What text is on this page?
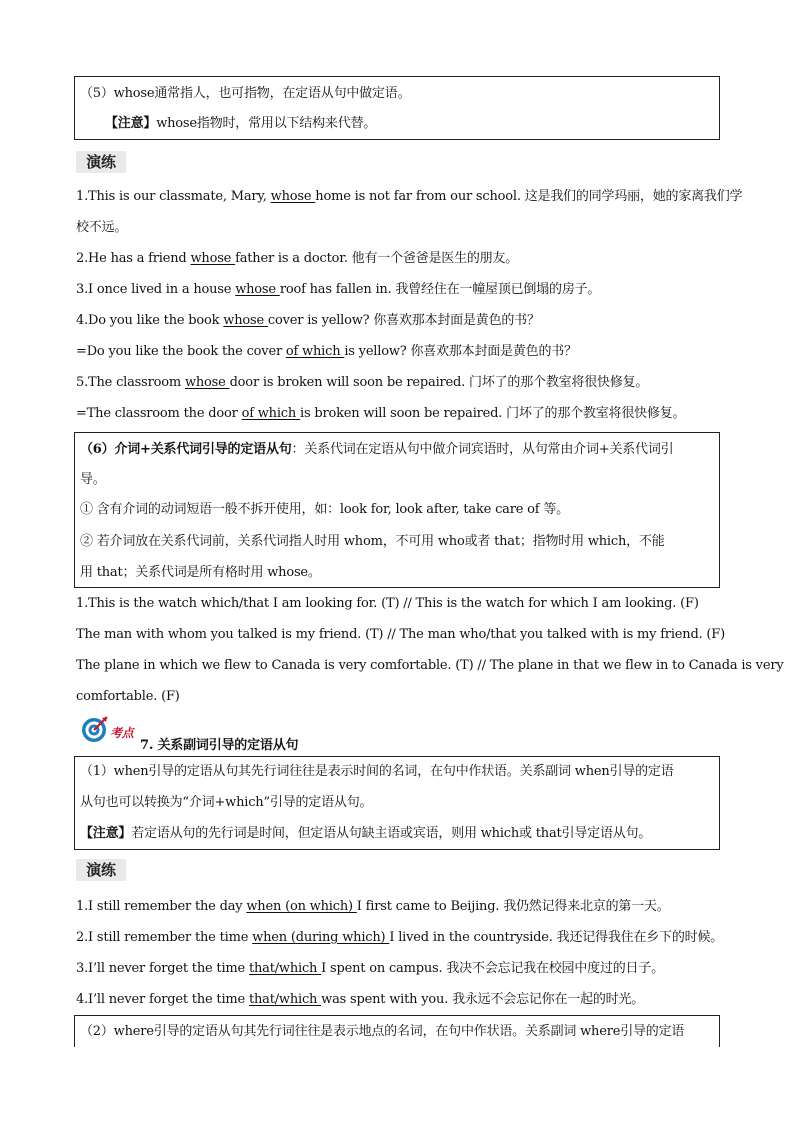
（5）whose通常指人，也可指物，在定语从句中做定语。
【注意】whose指物时，常用以下结构来代替。
演练
1.This is our classmate, Mary, whose home is not far from our school. 这是我们的同学玛丽，她的家离我们学
校不远。
2.He has a friend whose father is a doctor. 他有一个爸爸是医生的朋友。
3.I once lived in a house whose roof has fallen in. 我曾经住在一幢屋顶已倒塌的房子。
4.Do you like the book whose cover is yellow? 你喜欢那本封面是黄色的书？
=Do you like the book the cover of which is yellow? 你喜欢那本封面是黄色的书？
5.The classroom whose door is broken will soon be repaired. 门坏了的那个教室将很快修复。
=The classroom the door of which is broken will soon be repaired. 门坏了的那个教室将很快修复。
（6）介词+关系代词引导的定语从句：关系代词在定语从句中做介词宾语时，从句常由介词+关系代词引
导。
① 含有介词的动词短语一般不拆开使用，如：look for, look after, take care of 等。
② 若介词放在关系代词前，关系代词指人时用 whom，不可用 who或者 that；指物时用 which，不能
用 that；关系代词是所有格时用 whose。
1.This is the watch which/that I am looking for. (T) // This is the watch for which I am looking. (F)
The man with whom you talked is my friend. (T) // The man who/that you talked with is my friend. (F)
The plane in which we flew to Canada is very comfortable. (T) // The plane in that we flew in to Canada is very
comfortable. (F)
考点
7. 关系副词引导的定语从句
（1）when引导的定语从句其先行词往往是表示时间的名词，在句中作状语。关系副词 when引导的定语
从句也可以转换为“介词+which”引导的定语从句。
【注意】若定语从句的先行词是时间，但定语从句缺主语或宾语，则用 which或 that引导定语从句。
演练
1.I still remember the day when (on which) I first came to Beijing. 我仍然记得来北京的第一天。
2.I still remember the time when (during which) I lived in the countryside. 我还记得我住在乡下的时候。
3.I’ll never forget the time that/which I spent on campus. 我决不会忘记我在校园中度过的日子。
4.I’ll never forget the time that/which was spent with you. 我永远不会忘记你在一起的时光。
（2）where引导的定语从句其先行词往往是表示地点的名词，在句中作状语。关系副词 where引导的定语
